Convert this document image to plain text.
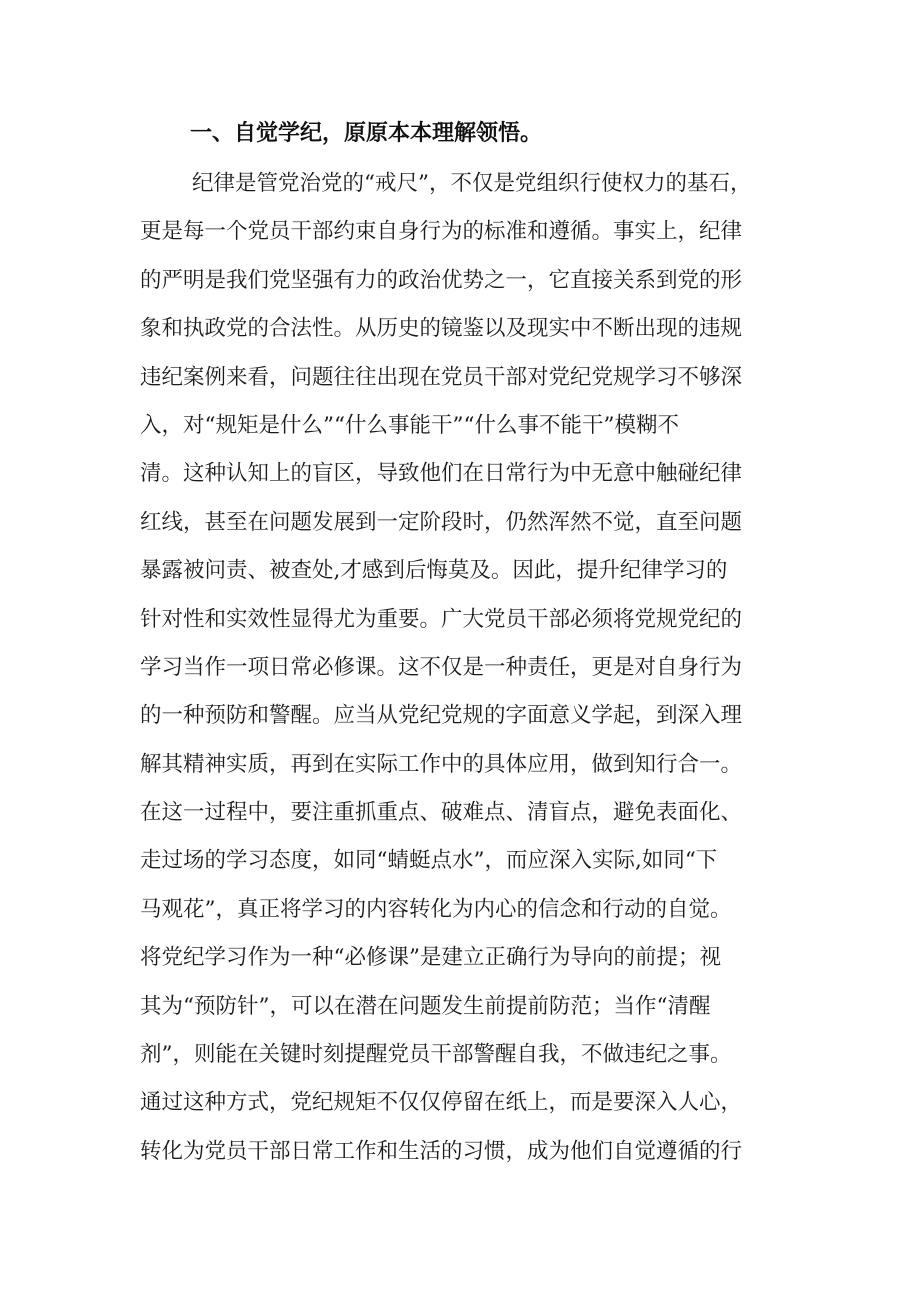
一、自觉学纪，原原本本理解领悟。
纪律是管党治党的“戒尺”，不仅是党组织行使权力的基石，
更是每一个党员干部约束自身行为的标准和遵循。事实上，纪律
的严明是我们党坚强有力的政治优势之一，它直接关系到党的形
象和执政党的合法性。从历史的镜鉴以及现实中不断出现的违规
违纪案例来看，问题往往出现在党员干部对党纪党规学习不够深
入，对“规矩是什么”“什么事能干”“什么事不能干”模糊不
清。这种认知上的盲区，导致他们在日常行为中无意中触碰纪律
红线，甚至在问题发展到一定阶段时，仍然浑然不觉，直至问题
暴露被问责、被查处,才感到后悔莫及。因此，提升纪律学习的
针对性和实效性显得尤为重要。广大党员干部必须将党规党纪的
学习当作一项日常必修课。这不仅是一种责任，更是对自身行为
的一种预防和警醒。应当从党纪党规的字面意义学起，到深入理
解其精神实质，再到在实际工作中的具体应用，做到知行合一。
在这一过程中，要注重抓重点、破难点、清盲点，避免表面化、
走过场的学习态度，如同“蜻蜓点水”，而应深入实际,如同“下
马观花”，真正将学习的内容转化为内心的信念和行动的自觉。
将党纪学习作为一种“必修课”是建立正确行为导向的前提；视
其为“预防针”，可以在潜在问题发生前提前防范；当作“清醒
剂”，则能在关键时刻提醒党员干部警醒自我，不做违纪之事。
通过这种方式，党纪规矩不仅仅停留在纸上，而是要深入人心，
转化为党员干部日常工作和生活的习惯，成为他们自觉遵循的行
